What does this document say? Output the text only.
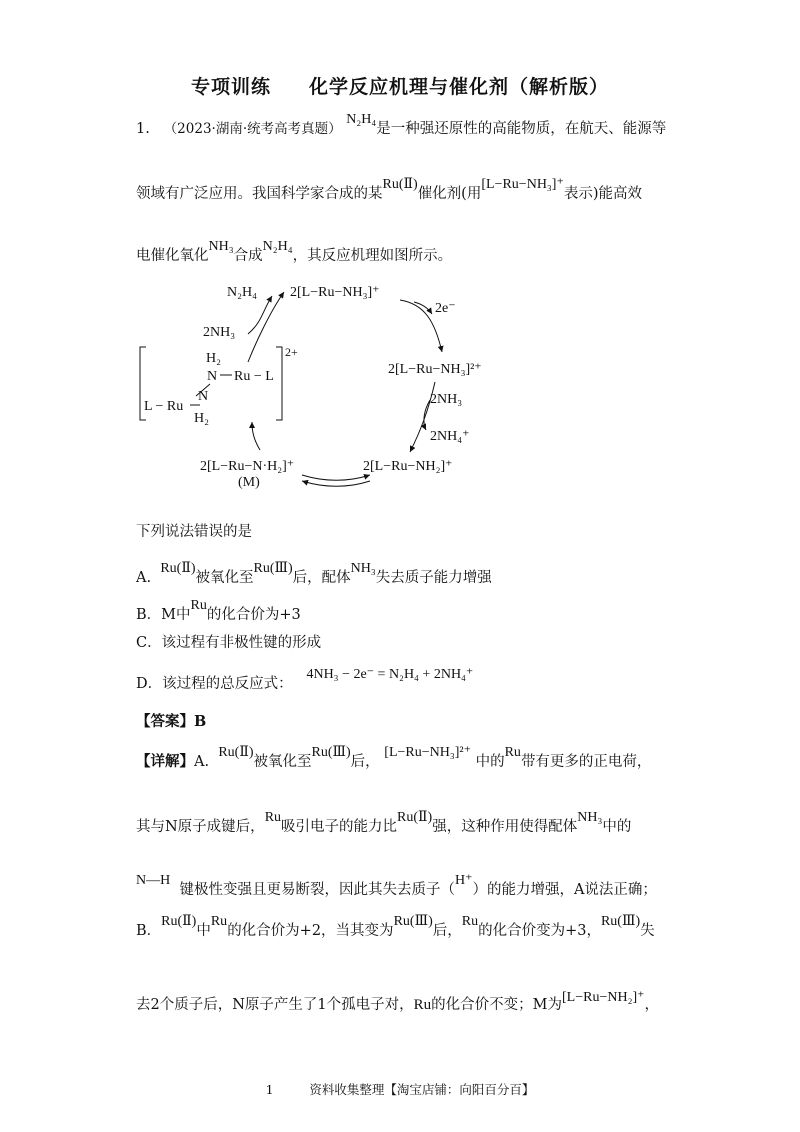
专项训练 化学反应机理与催化剂（解析版）
1. （2023·湖南·统考高考真题） N₂H₄是一种强还原性的高能物质，在航天、能源等
领域有广泛应用。我国科学家合成的某Ru(Ⅱ)催化剂(用[L−Ru−NH₃]⁺表示)能高效
电催化氧化NH₃合成N₂H₄，其反应机理如图所示。
N₂H₄
2NH₃
2[L−Ru−NH₃]⁺
2e⁻
2[L−Ru−NH₃]²⁺
2NH₃
2NH₄⁺
2[L−Ru−NH₂]⁺
2[L−Ru−N·H₂]⁺
(M)
2+
H₂
N Ru − L
L − Ru
N
H₂
下列说法错误的是
A.  Ru(Ⅱ)被氧化至Ru(Ⅲ)后，配体NH₃失去质子能力增强
B．M中Ru的化合价为+3
C．该过程有非极性键的形成
D．该过程的总反应式：   4NH₃ − 2e⁻ = N₂H₄ + 2NH₄⁺
【答案】B
【详解】A.  Ru(Ⅱ)被氧化至Ru(Ⅲ)后， [L−Ru−NH₃]²⁺ 中的Ru带有更多的正电荷，
其与N原子成键后，Ru吸引电子的能力比Ru(Ⅱ)强，这种作用使得配体NH₃中的
N—H  键极性变强且更易断裂，因此其失去质子（H⁺）的能力增强，A说法正确；
B．Ru(Ⅱ)中Ru的化合价为+2，当其变为Ru(Ⅲ)后，Ru的化合价变为+3，Ru(Ⅲ)失
去2个质子后，N原子产生了1个孤电子对，Ru的化合价不变；M为[L−Ru−NH₂]⁺，
1	资料收集整理【淘宝店铺：向阳百分百】
